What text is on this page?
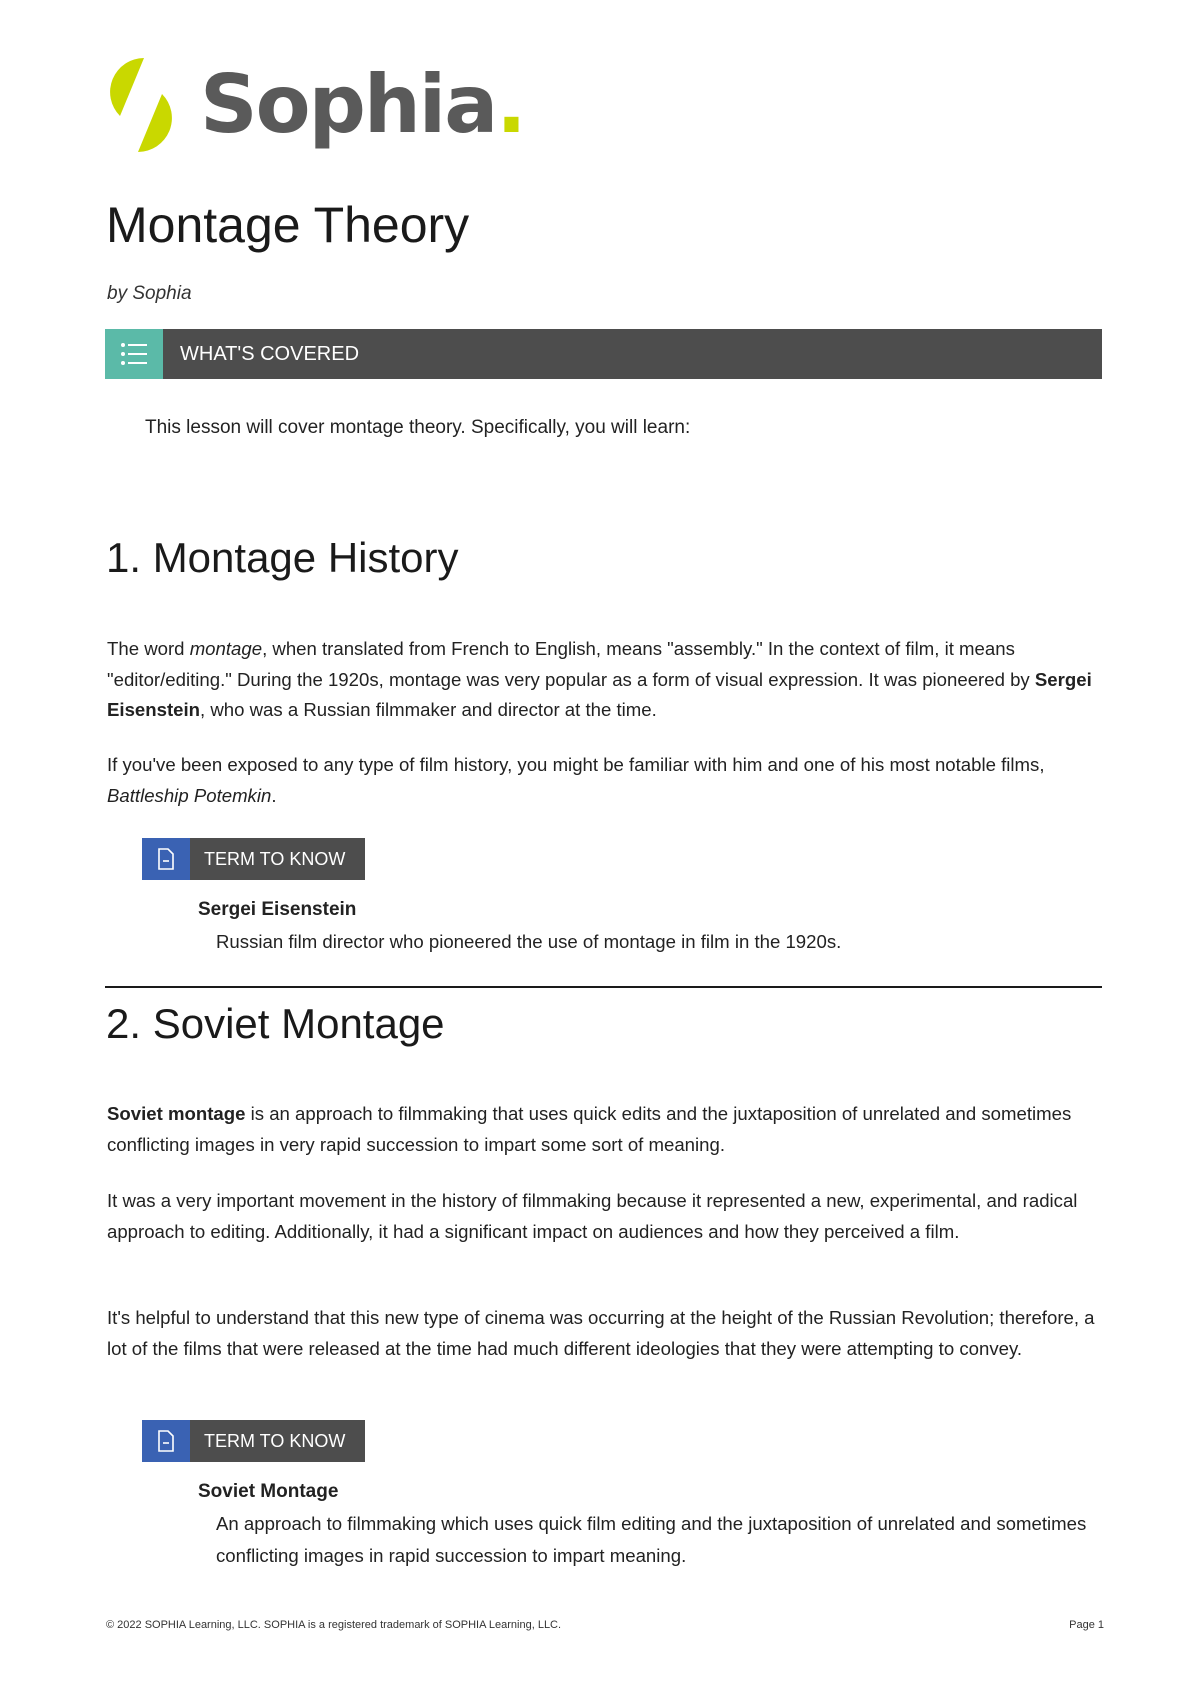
Sophia.
Montage Theory
by Sophia
WHAT'S COVERED
This lesson will cover montage theory. Specifically, you will learn:
1. Montage History

The word montage, when translated from French to English, means "assembly." In the context of film, it means "editor/editing." During the 1920s, montage was very popular as a form of visual expression. It was pioneered by Sergei Eisenstein, who was a Russian filmmaker and director at the time.

If you've been exposed to any type of film history, you might be familiar with him and one of his most notable films, Battleship Potemkin.

TERM TO KNOW
Sergei Eisenstein

Russian film director who pioneered the use of montage in film in the 1920s.

2. Soviet Montage

Soviet montage is an approach to filmmaking that uses quick edits and the juxtaposition of unrelated and sometimes conflicting images in very rapid succession to impart some sort of meaning.

It was a very important movement in the history of filmmaking because it represented a new, experimental, and radical approach to editing. Additionally, it had a significant impact on audiences and how they perceived a film.

It's helpful to understand that this new type of cinema was occurring at the height of the Russian Revolution; therefore, a lot of the films that were released at the time had much different ideologies that they were attempting to convey.

TERM TO KNOW
Soviet Montage

An approach to filmmaking which uses quick film editing and the juxtaposition of unrelated and sometimes conflicting images in rapid succession to impart meaning.

© 2022 SOPHIA Learning, LLC. SOPHIA is a registered trademark of SOPHIA Learning, LLC.	Page 1
